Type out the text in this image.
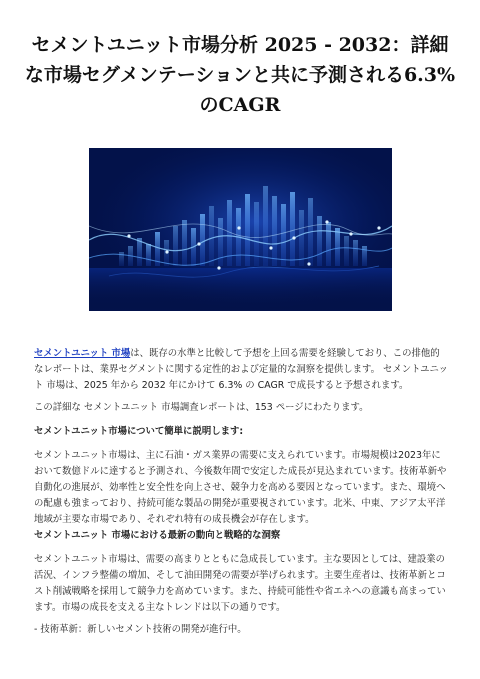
セメントユニット市場分析 2025 - 2032：詳細な市場セグメンテーションと共に予測される6.3%のCAGR

セメントユニット 市場は、既存の水準と比較して予想を上回る需要を経験しており、この排他的なレポートは、業界セグメントに関する定性的および定量的な洞察を提供します。 セメントユニット 市場は、2025 年から 2032 年にかけて 6.3% の CAGR で成長すると予想されます。

この詳細な セメントユニット 市場調査レポートは、153 ページにわたります。

セメントユニット市場について簡単に説明します:

セメントユニット市場は、主に石油・ガス業界の需要に支えられています。市場規模は2023年において数億ドルに達すると予測され、今後数年間で安定した成長が見込まれています。技術革新や自動化の進展が、効率性と安全性を向上させ、競争力を高める要因となっています。また、環境への配慮も強まっており、持続可能な製品の開発が重要視されています。北米、中東、アジア太平洋地域が主要な市場であり、それぞれ特有の成長機会が存在します。

セメントユニット 市場における最新の動向と戦略的な洞察

セメントユニット市場は、需要の高まりとともに急成長しています。主な要因としては、建設業の活況、インフラ整備の増加、そして油田開発の需要が挙げられます。主要生産者は、技術革新とコスト削減戦略を採用して競争力を高めています。また、持続可能性や省エネへの意識も高まっています。市場の成長を支える主なトレンドは以下の通りです。

- 技術革新：新しいセメント技術の開発が進行中。
